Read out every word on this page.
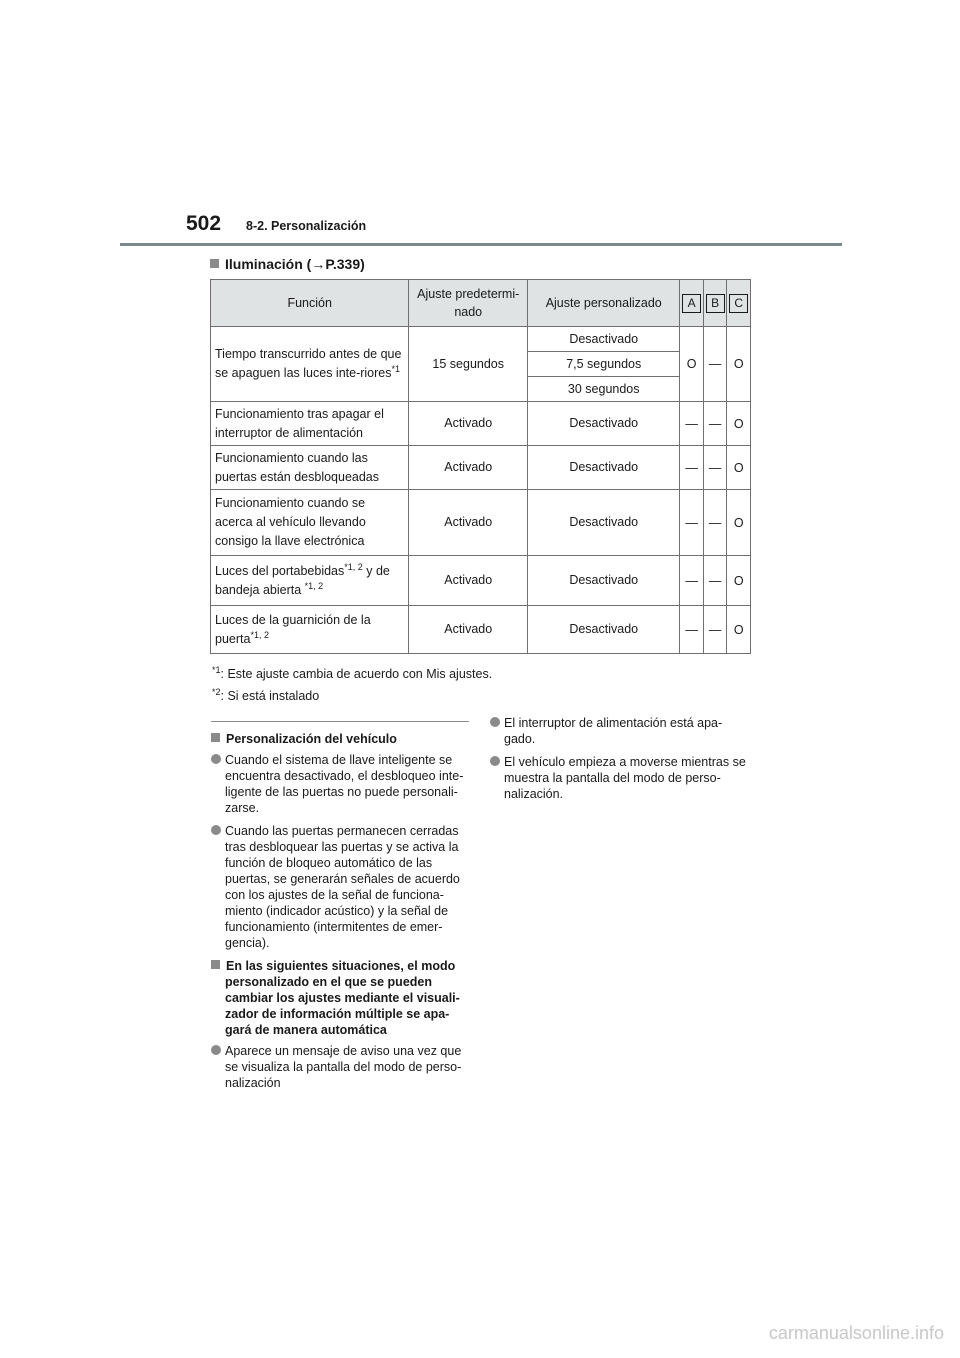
502 8-2. Personalización
Iluminación (→P.339)
Función	Ajuste predetermi-nado	Ajuste personalizado	A	B	C
Tiempo transcurrido antes de que se apaguen las luces inte-riores$^{*1}$	15 segundos	Desactivado	O	—	O
		7,5 segundos			
		30 segundos			
Funcionamiento tras apagar el interruptor de alimentación	Activado	Desactivado	—	—	O
Funcionamiento cuando las puertas están desbloqueadas	Activado	Desactivado	—	—	O
Funcionamiento cuando se acerca al vehículo llevando consigo la llave electrónica	Activado	Desactivado	—	—	O
Luces del portabebidas$^{*1, 2}$ y de bandeja abierta $^{*1, 2}$	Activado	Desactivado	—	—	O
Luces de la guarnición de la puerta$^{*1, 2}$	Activado	Desactivado	—	—	O
$^{*1}$: Este ajuste cambia de acuerdo con Mis ajustes.
$^{*2}$: Si está instalado

Personalización del vehículo

Cuando el sistema de llave inteligente se encuentra desactivado, el desbloqueo inte-ligente de las puertas no puede personali-zarse.
Cuando las puertas permanecen cerradas tras desbloquear las puertas y se activa la función de bloqueo automático de las puertas, se generarán señales de acuerdo con los ajustes de la señal de funciona-miento (indicador acústico) y la señal de funcionamiento (intermitentes de emer-gencia).

En las siguientes situaciones, el modo personalizado en el que se pueden cambiar los ajustes mediante el visuali-zador de información múltiple se apa-gará de manera automática

Aparece un mensaje de aviso una vez que se visualiza la pantalla del modo de perso-nalización
El interruptor de alimentación está apa-gado.
El vehículo empieza a moverse mientras se muestra la pantalla del modo de perso-nalización.
carmanualsonline.info
